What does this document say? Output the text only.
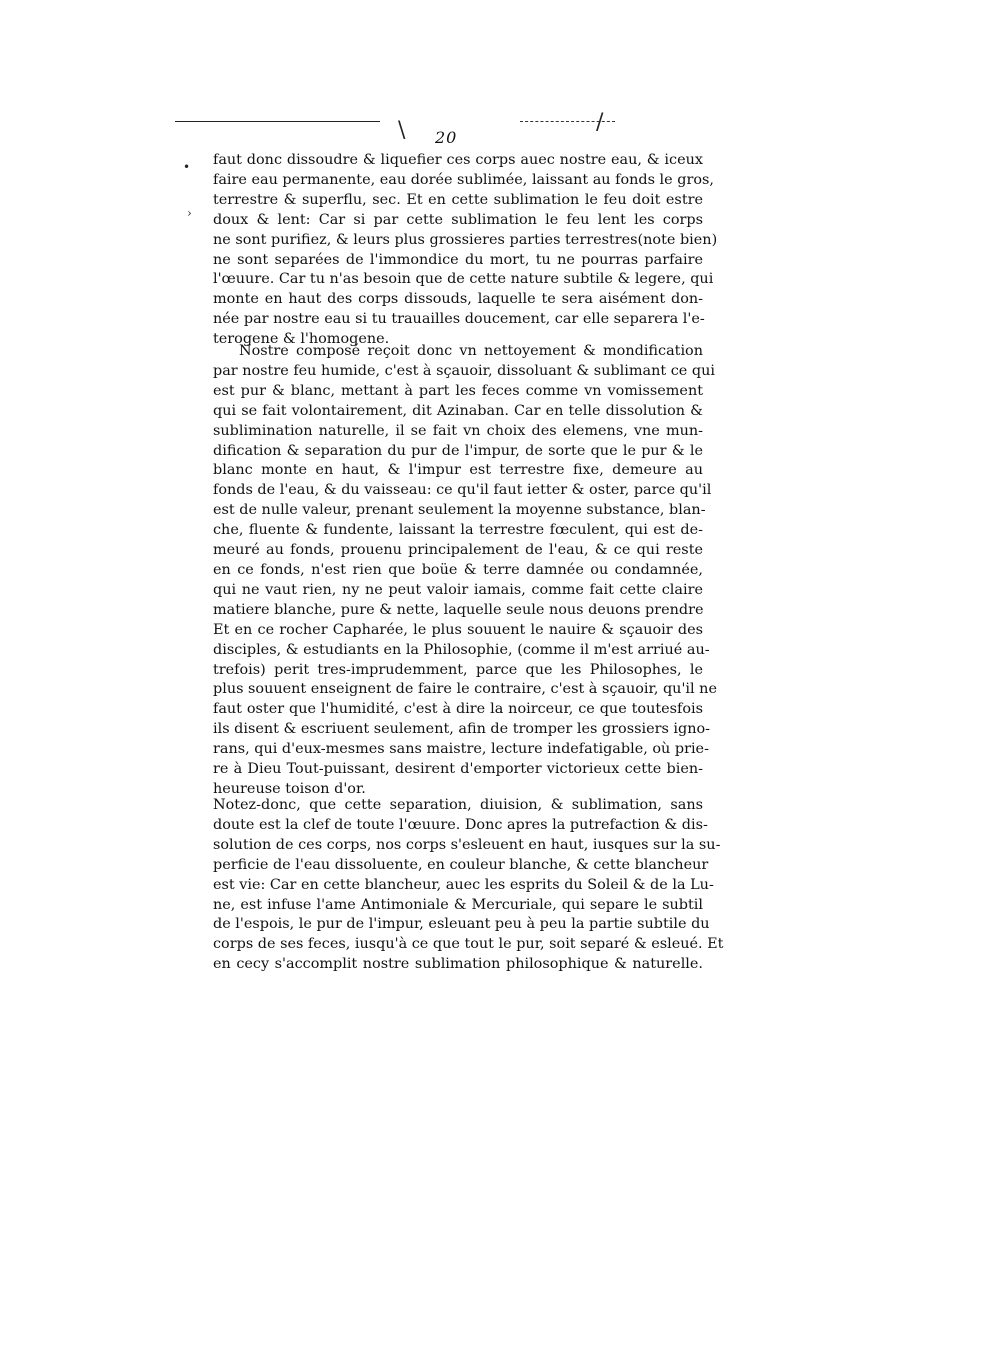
20
\	/
•
›
faut donc dissoudre & liquefier ces corps auec nostre eau, & iceux
faire eau permanente, eau dorée sublimée, laissant au fonds le gros,
terrestre & superflu, sec. Et en cette sublimation le feu doit estre
doux & lent: Car si par cette sublimation le feu lent les corps
ne sont purifiez, & leurs plus grossieres parties terrestres(note bien)
ne sont separées de l'immondice du mort, tu ne pourras parfaire
l'œuure. Car tu n'as besoin que de cette nature subtile & legere, qui
monte en haut des corps dissouds, laquelle te sera aisément don-
née par nostre eau si tu trauailles doucement, car elle separera l'e-
terogene & l'homogene.
Nostre composé reçoit donc vn nettoyement & mondification
par nostre feu humide, c'est à sçauoir, dissoluant & sublimant ce qui
est pur & blanc, mettant à part les feces comme vn vomissement
qui se fait volontairement, dit Azinaban. Car en telle dissolution &
sublimination naturelle, il se fait vn choix des elemens, vne mun-
dification & separation du pur de l'impur, de sorte que le pur & le
blanc monte en haut, & l'impur est terrestre fixe, demeure au
fonds de l'eau, & du vaisseau: ce qu'il faut ietter & oster, parce qu'il
est de nulle valeur, prenant seulement la moyenne substance, blan-
che, fluente & fundente, laissant la terrestre fœculent, qui est de-
meuré au fonds, prouenu principalement de l'eau, & ce qui reste
en ce fonds, n'est rien que boüe & terre damnée ou condamnée,
qui ne vaut rien, ny ne peut valoir iamais, comme fait cette claire
matiere blanche, pure & nette, laquelle seule nous deuons prendre
Et en ce rocher Capharée, le plus souuent le nauire & sçauoir des
disciples, & estudiants en la Philosophie, (comme il m'est arriué au-
trefois) perit tres-imprudemment, parce que les Philosophes, le
plus souuent enseignent de faire le contraire, c'est à sçauoir, qu'il ne
faut oster que l'humidité, c'est à dire la noirceur, ce que toutesfois
ils disent & escriuent seulement, afin de tromper les grossiers igno-
rans, qui d'eux-mesmes sans maistre, lecture indefatigable, où prie-
re à Dieu Tout-puissant, desirent d'emporter victorieux cette bien-
heureuse toison d'or.
Notez-donc, que cette separation, diuision, & sublimation, sans
doute est la clef de toute l'œuure. Donc apres la putrefaction & dis-
solution de ces corps, nos corps s'esleuent en haut, iusques sur la su-
perficie de l'eau dissoluente, en couleur blanche, & cette blancheur
est vie: Car en cette blancheur, auec les esprits du Soleil & de la Lu-
ne, est infuse l'ame Antimoniale & Mercuriale, qui separe le subtil
de l'espois, le pur de l'impur, esleuant peu à peu la partie subtile du
corps de ses feces, iusqu'à ce que tout le pur, soit separé & esleué. Et
en cecy s'accomplit nostre sublimation philosophique & naturelle.
